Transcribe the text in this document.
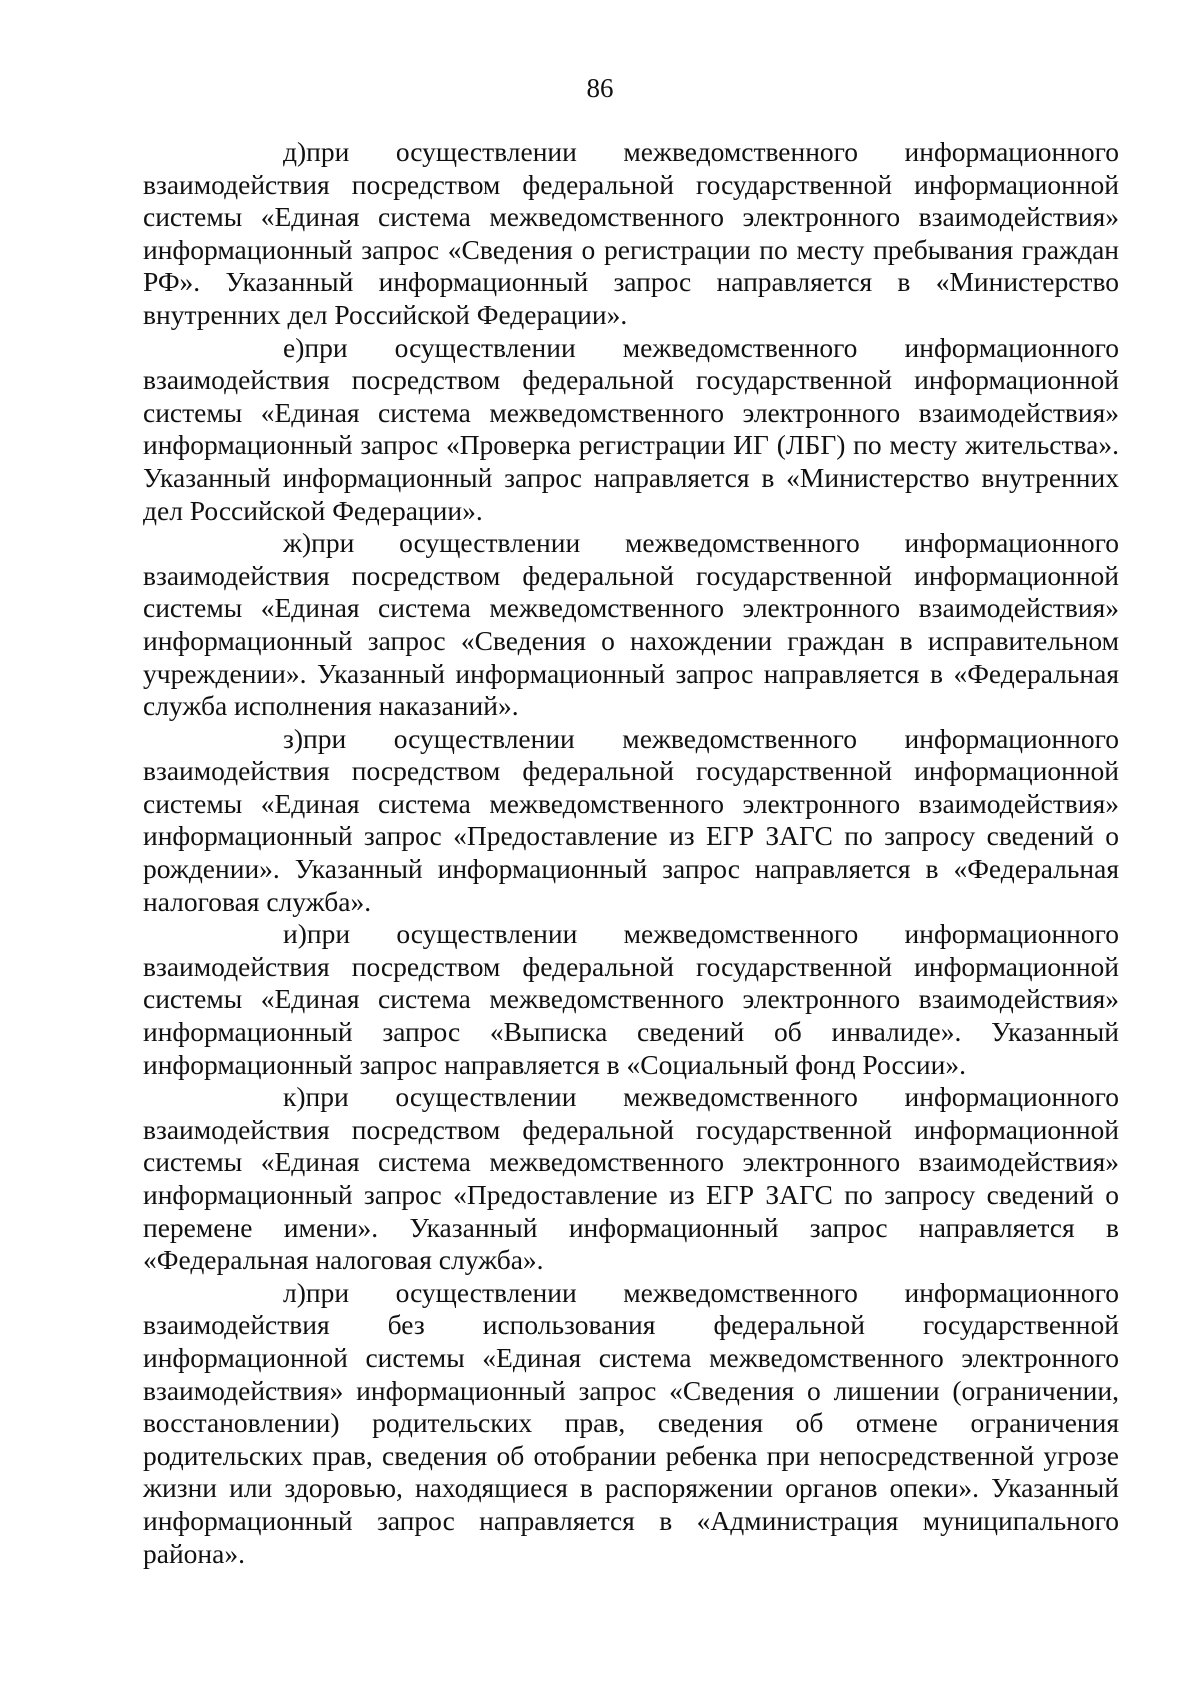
86

д)при осуществлении межведомственного информационного взаимодействия посредством федеральной государственной информационной системы «Единая система межведомственного электронного взаимодействия» информационный запрос «Сведения о регистрации по месту пребывания граждан РФ». Указанный информационный запрос направляется в «Министерство внутренних дел Российской Федерации».

е)при осуществлении межведомственного информационного взаимодействия посредством федеральной государственной информационной системы «Единая система межведомственного электронного взаимодействия» информационный запрос «Проверка регистрации ИГ (ЛБГ) по месту жительства». Указанный информационный запрос направляется в «Министерство внутренних дел Российской Федерации».

ж)при осуществлении межведомственного информационного взаимодействия посредством федеральной государственной информационной системы «Единая система межведомственного электронного взаимодействия» информационный запрос «Сведения о нахождении граждан в исправительном учреждении». Указанный информационный запрос направляется в «Федеральная служба исполнения наказаний».

з)при осуществлении межведомственного информационного взаимодействия посредством федеральной государственной информационной системы «Единая система межведомственного электронного взаимодействия» информационный запрос «Предоставление из ЕГР ЗАГС по запросу сведений о рождении». Указанный информационный запрос направляется в «Федеральная налоговая служба».

и)при осуществлении межведомственного информационного взаимодействия посредством федеральной государственной информационной системы «Единая система межведомственного электронного взаимодействия» информационный запрос «Выписка сведений об инвалиде». Указанный информационный запрос направляется в «Социальный фонд России».

к)при осуществлении межведомственного информационного взаимодействия посредством федеральной государственной информационной системы «Единая система межведомственного электронного взаимодействия» информационный запрос «Предоставление из ЕГР ЗАГС по запросу сведений о перемене имени». Указанный информационный запрос направляется в «Федеральная налоговая служба».

л)при осуществлении межведомственного информационного взаимодействия без использования федеральной государственной информационной системы «Единая система межведомственного электронного взаимодействия» информационный запрос «Сведения о лишении (ограничении, восстановлении) родительских прав, сведения об отмене ограничения родительских прав, сведения об отобрании ребенка при непосредственной угрозе жизни или здоровью, находящиеся в распоряжении органов опеки». Указанный информационный запрос направляется в «Администрация муниципального района».
